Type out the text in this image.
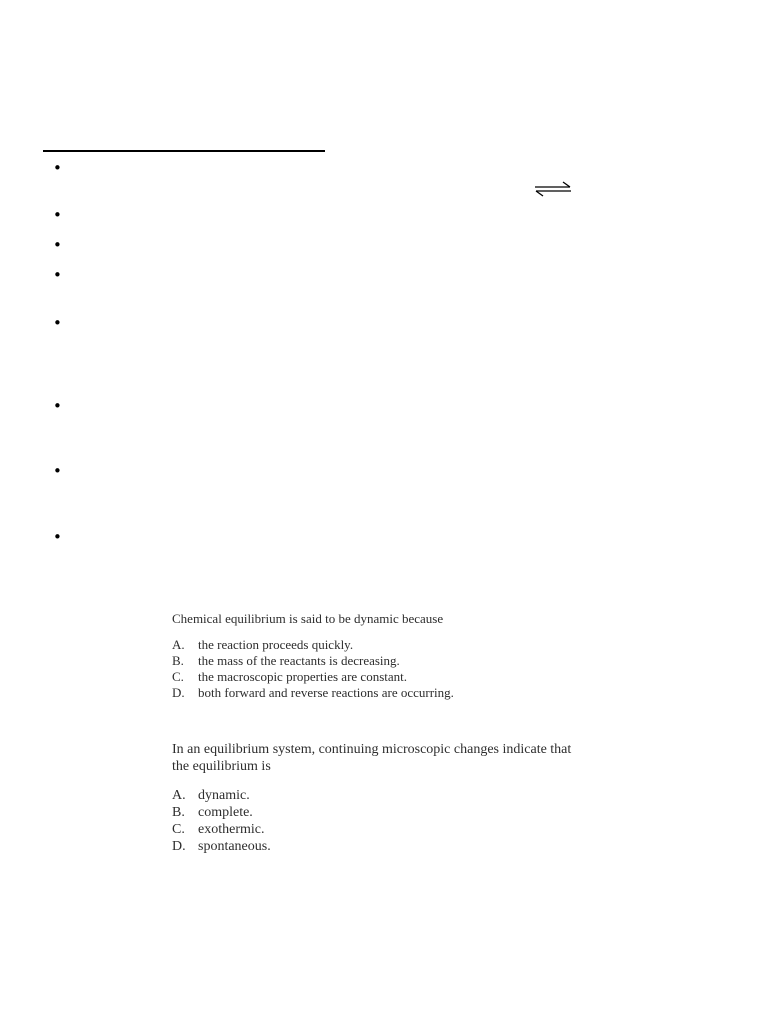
•
•
•
•
•
•
•
•
Chemical equilibrium is said to be dynamic because
A.	the reaction proceeds quickly.
B.	the mass of the reactants is decreasing.
C.	the macroscopic properties are constant.
D.	both forward and reverse reactions are occurring.
In an equilibrium system, continuing microscopic changes indicate that
the equilibrium is
A. dynamic.
B. complete.
C. exothermic.
D. spontaneous.
